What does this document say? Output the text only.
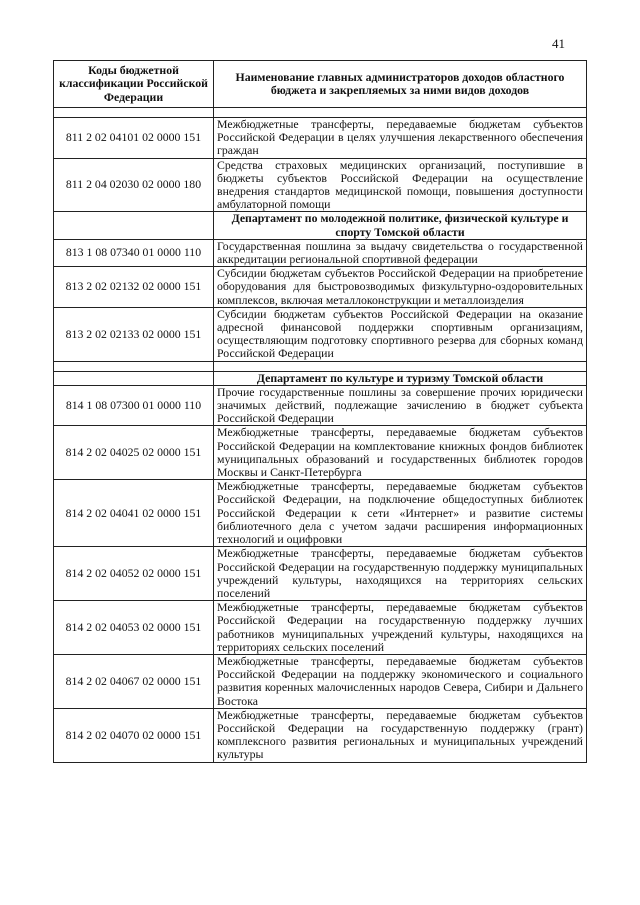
41
Коды бюджетной классификации Российской Федерации	Наименование главных администраторов доходов областного бюджета и закрепляемых за ними видов доходов

811 2 02 04101 02 0000 151	Межбюджетные трансферты, передаваемые бюджетам субъектов Российской Федерации в целях улучшения лекарственного обеспечения граждан
811 2 04 02030 02 0000 180	Средства страховых медицинских организаций, поступившие в бюджеты субъектов Российской Федерации на осуществление внедрения стандартов медицинской помощи, повышения доступности амбулаторной помощи
	Департамент по молодежной политике, физической культуре и спорту Томской области
813 1 08 07340 01 0000 110	Государственная пошлина за выдачу свидетельства о государственной аккредитации региональной спортивной федерации
813 2 02 02132 02 0000 151	Субсидии бюджетам субъектов Российской Федерации на приобретение оборудования для быстровозводимых физкультурно-оздоровительных комплексов, включая металлоконструкции и металлоизделия
813 2 02 02133 02 0000 151	Субсидии бюджетам субъектов Российской Федерации на оказание адресной финансовой поддержки спортивным организациям, осуществляющим подготовку спортивного резерва для сборных команд Российской Федерации

	Департамент по культуре и туризму Томской области
814 1 08 07300 01 0000 110	Прочие государственные пошлины за совершение прочих юридически значимых действий, подлежащие зачислению в бюджет субъекта Российской Федерации
814 2 02 04025 02 0000 151	Межбюджетные трансферты, передаваемые бюджетам субъектов Российской Федерации на комплектование книжных фондов библиотек муниципальных образований и государственных библиотек городов Москвы и Санкт-Петербурга
814 2 02 04041 02 0000 151	Межбюджетные трансферты, передаваемые бюджетам субъектов Российской Федерации, на подключение общедоступных библиотек Российской Федерации к сети «Интернет» и развитие системы библиотечного дела с учетом задачи расширения информационных технологий и оцифровки
814 2 02 04052 02 0000 151	Межбюджетные трансферты, передаваемые бюджетам субъектов Российской Федерации на государственную поддержку муниципальных учреждений культуры, находящихся на территориях сельских поселений
814 2 02 04053 02 0000 151	Межбюджетные трансферты, передаваемые бюджетам субъектов Российской Федерации на государственную поддержку лучших работников муниципальных учреждений культуры, находящихся на территориях сельских поселений
814 2 02 04067 02 0000 151	Межбюджетные трансферты, передаваемые бюджетам субъектов Российской Федерации на поддержку экономического и социального развития коренных малочисленных народов Севера, Сибири и Дальнего Востока
814 2 02 04070 02 0000 151	Межбюджетные трансферты, передаваемые бюджетам субъектов Российской Федерации на государственную поддержку (грант) комплексного развития региональных и муниципальных учреждений культуры
